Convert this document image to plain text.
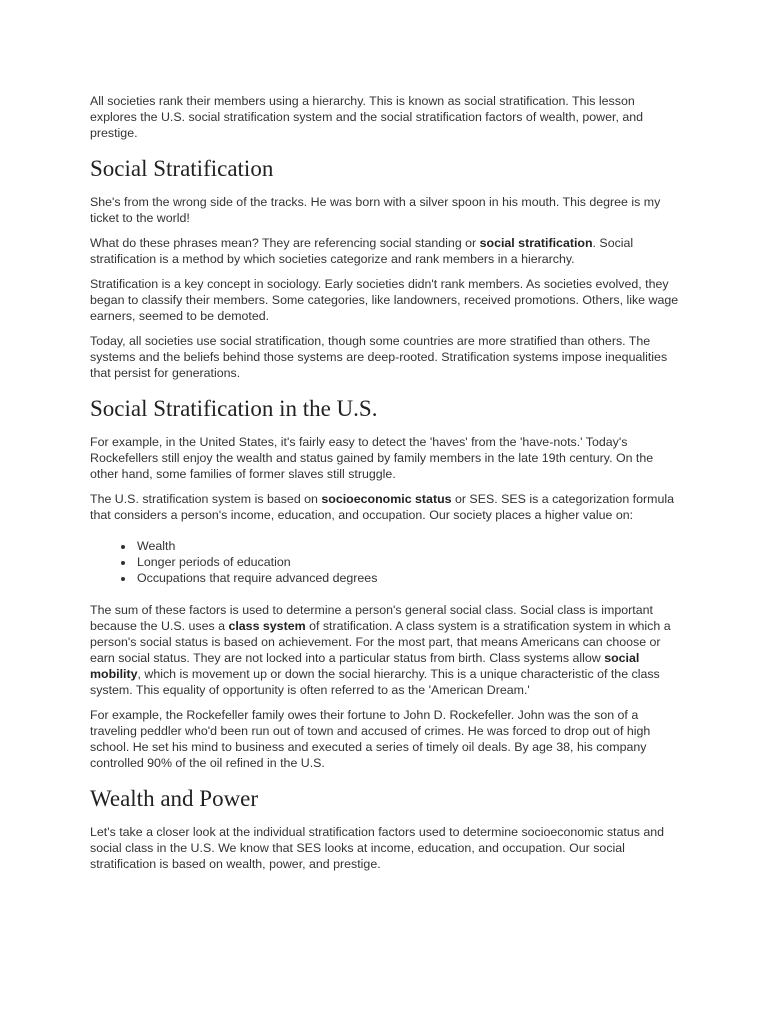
All societies rank their members using a hierarchy. This is known as social stratification. This lesson explores the U.S. social stratification system and the social stratification factors of wealth, power, and prestige.

Social Stratification

She's from the wrong side of the tracks. He was born with a silver spoon in his mouth. This degree is my ticket to the world!

What do these phrases mean? They are referencing social standing or social stratification. Social stratification is a method by which societies categorize and rank members in a hierarchy.

Stratification is a key concept in sociology. Early societies didn't rank members. As societies evolved, they began to classify their members. Some categories, like landowners, received promotions. Others, like wage earners, seemed to be demoted.

Today, all societies use social stratification, though some countries are more stratified than others. The systems and the beliefs behind those systems are deep-rooted. Stratification systems impose inequalities that persist for generations.

Social Stratification in the U.S.

For example, in the United States, it's fairly easy to detect the 'haves' from the 'have-nots.' Today's Rockefellers still enjoy the wealth and status gained by family members in the late 19th century. On the other hand, some families of former slaves still struggle.

The U.S. stratification system is based on socioeconomic status or SES. SES is a categorization formula that considers a person's income, education, and occupation. Our society places a higher value on:

• Wealth
• Longer periods of education
• Occupations that require advanced degrees

The sum of these factors is used to determine a person's general social class. Social class is important because the U.S. uses a class system of stratification. A class system is a stratification system in which a person's social status is based on achievement. For the most part, that means Americans can choose or earn social status. They are not locked into a particular status from birth. Class systems allow social mobility, which is movement up or down the social hierarchy. This is a unique characteristic of the class system. This equality of opportunity is often referred to as the 'American Dream.'

For example, the Rockefeller family owes their fortune to John D. Rockefeller. John was the son of a traveling peddler who'd been run out of town and accused of crimes. He was forced to drop out of high school. He set his mind to business and executed a series of timely oil deals. By age 38, his company controlled 90% of the oil refined in the U.S.

Wealth and Power

Let's take a closer look at the individual stratification factors used to determine socioeconomic status and social class in the U.S. We know that SES looks at income, education, and occupation. Our social stratification is based on wealth, power, and prestige.
